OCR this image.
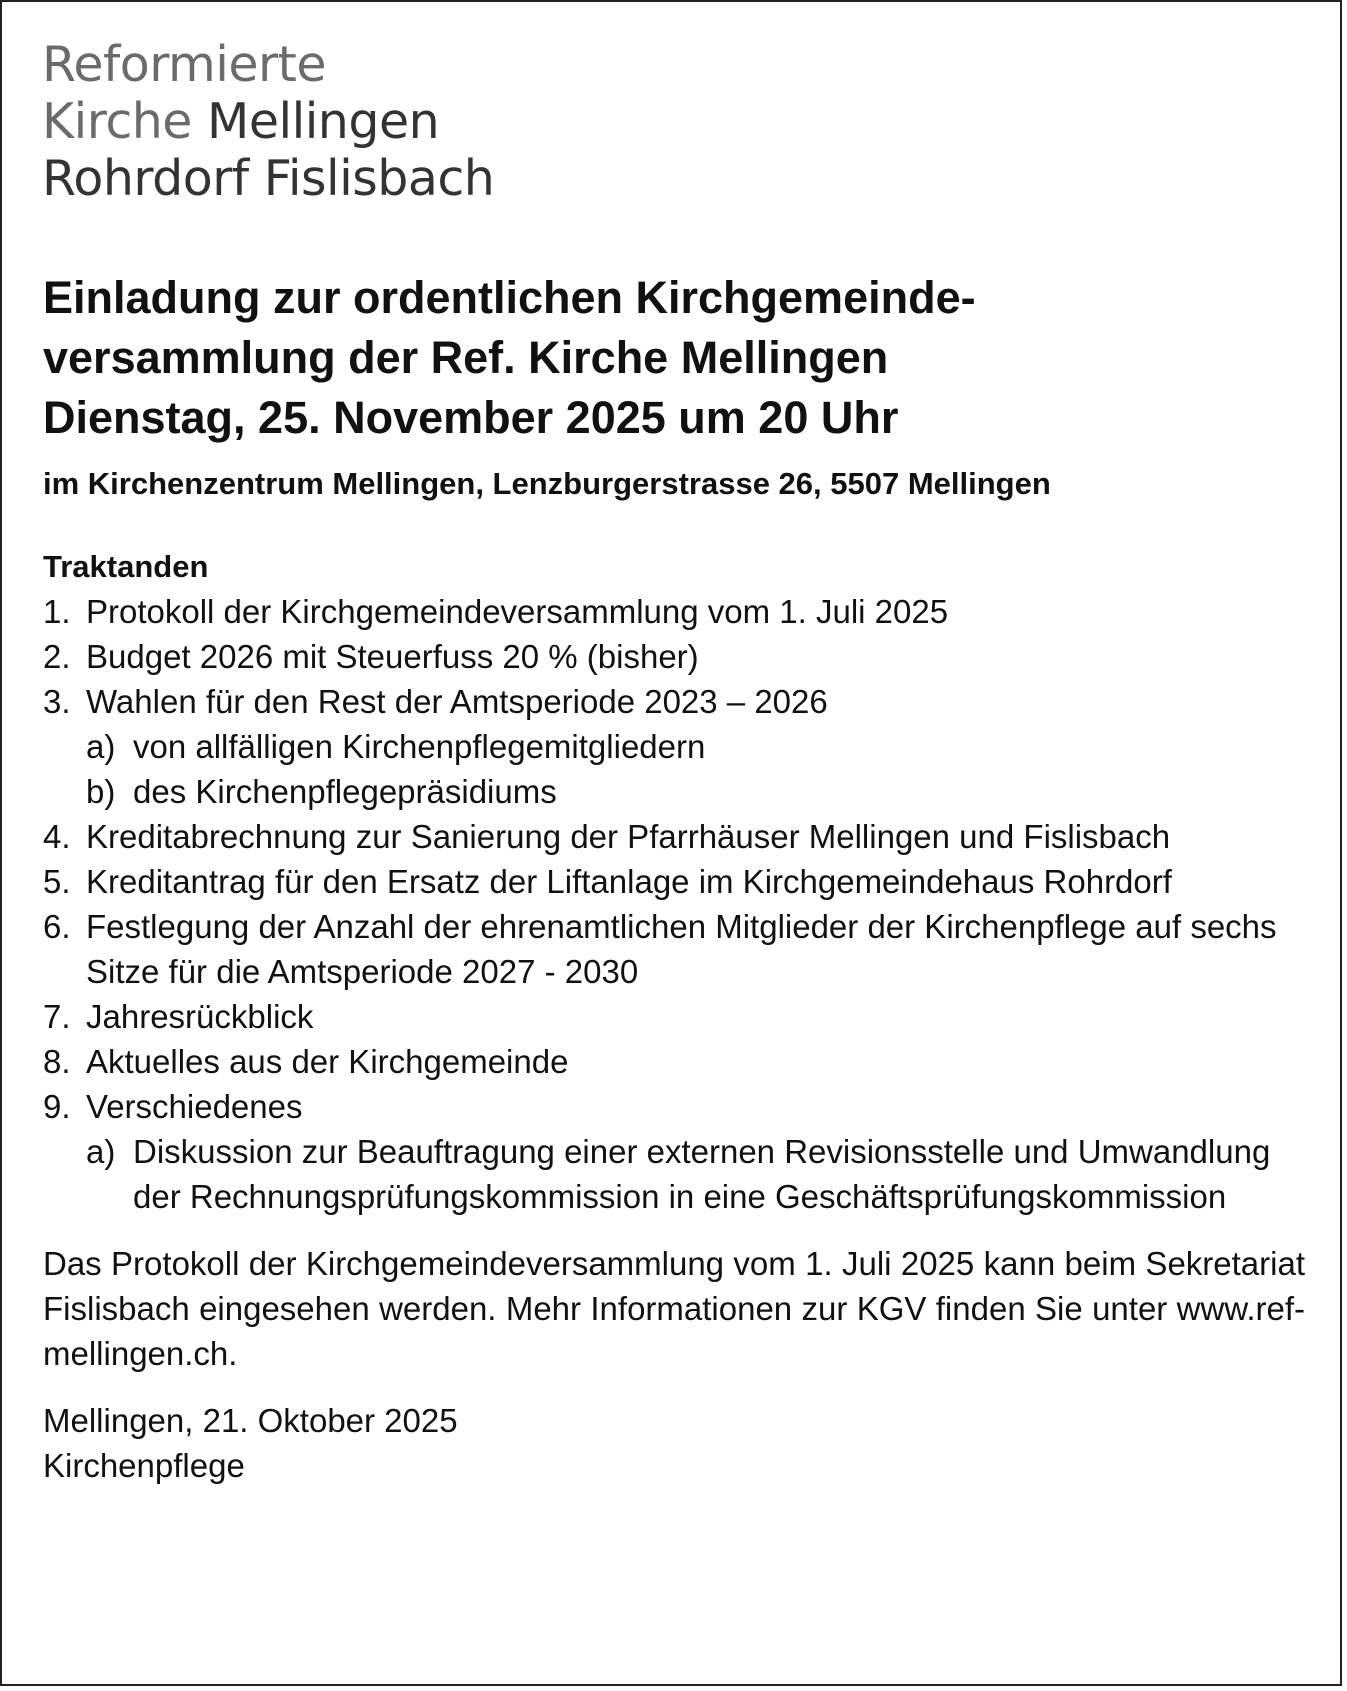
Reformierte
Kirche Mellingen
Rohrdorf Fislisbach
Einladung zur ordentlichen Kirchgemeinde-
versammlung der Ref. Kirche Mellingen
Dienstag, 25. November 2025 um 20 Uhr

im Kirchenzentrum Mellingen, Lenzburgerstrasse 26, 5507 Mellingen

Traktanden
1. Protokoll der Kirchgemeindeversammlung vom 1. Juli 2025
2. Budget 2026 mit Steuerfuss 20 % (bisher)
3. Wahlen für den Rest der Amtsperiode 2023 – 2026
a) von allfälligen Kirchenpflegemitgliedern
b) des Kirchenpflegepräsidiums
4. Kreditabrechnung zur Sanierung der Pfarrhäuser Mellingen und Fislisbach
5. Kreditantrag für den Ersatz der Liftanlage im Kirchgemeindehaus Rohrdorf
6. Festlegung der Anzahl der ehrenamtlichen Mitglieder der Kirchenpflege auf sechs Sitze für die Amtsperiode 2027 - 2030
7. Jahresrückblick
8. Aktuelles aus der Kirchgemeinde
9. Verschiedenes
a) Diskussion zur Beauftragung einer externen Revisionsstelle und Umwandlung der Rechnungsprüfungskommission in eine Geschäftsprüfungskommission

Das Protokoll der Kirchgemeindeversammlung vom 1. Juli 2025 kann beim Sekretariat Fislisbach eingesehen werden. Mehr Informationen zur KGV finden Sie unter www.ref-mellingen.ch.

Mellingen, 21. Oktober 2025
Kirchenpflege
